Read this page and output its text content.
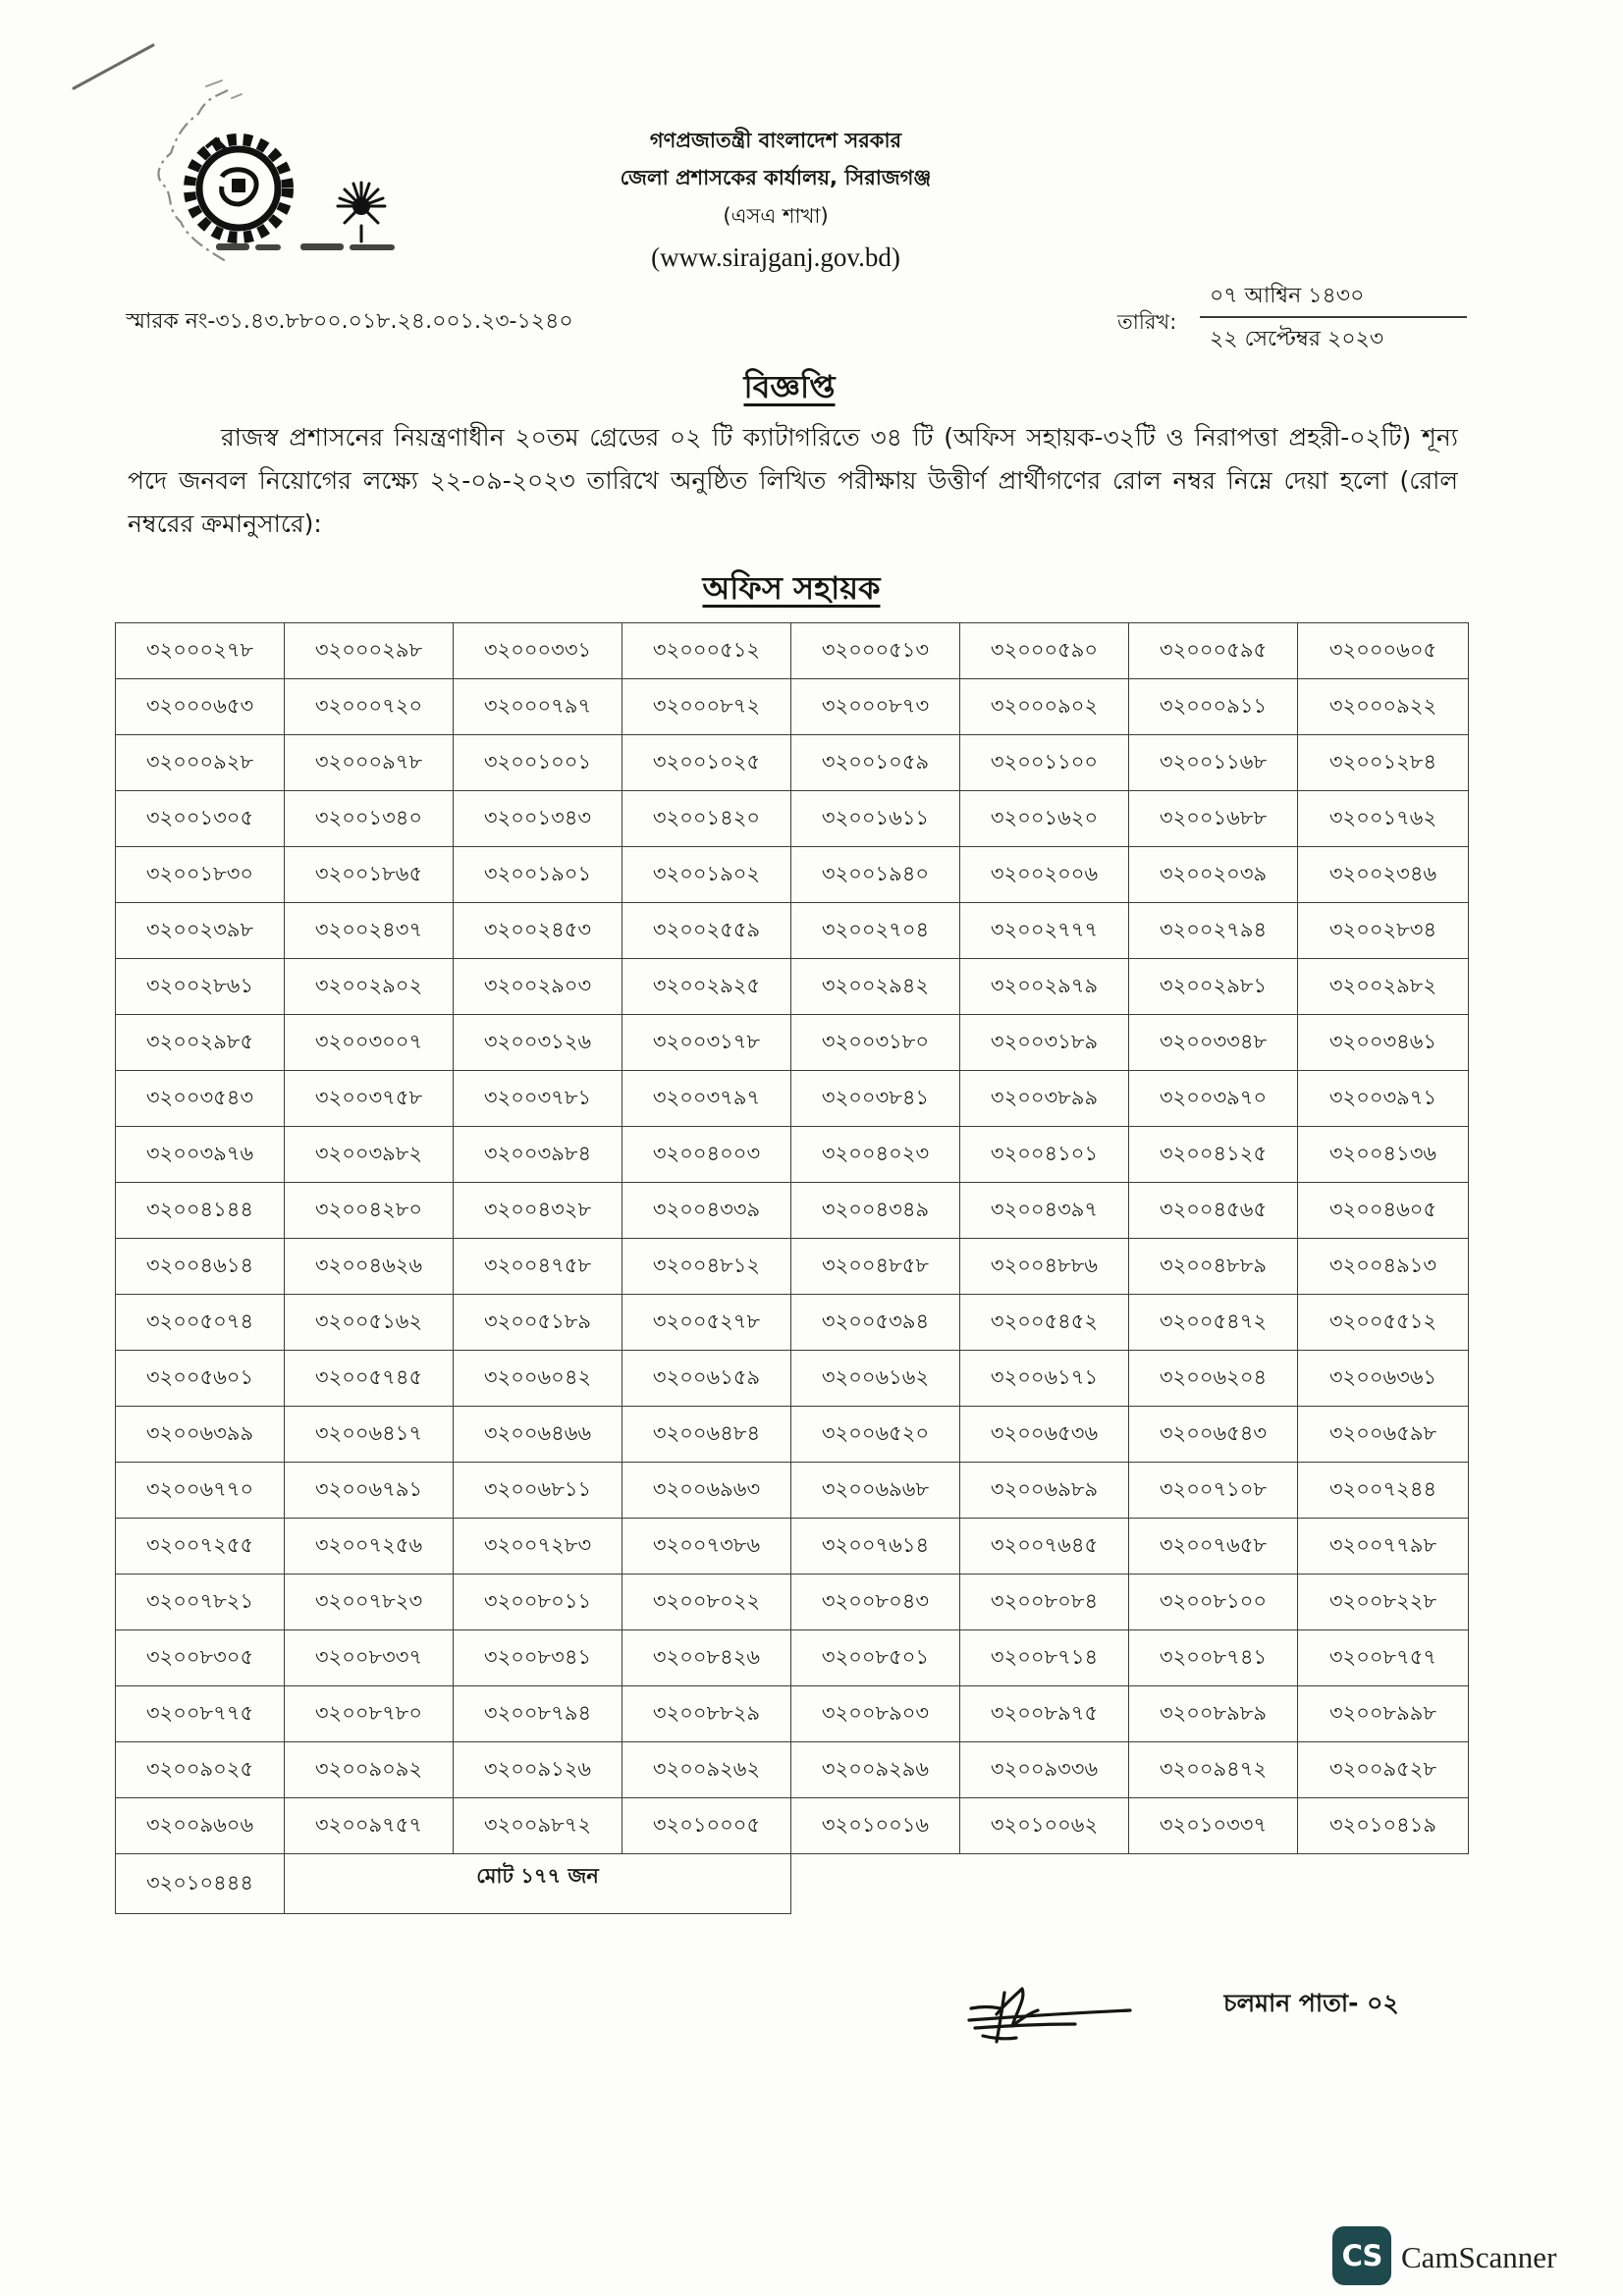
গণপ্রজাতন্ত্রী বাংলাদেশ সরকার
জেলা প্রশাসকের কার্যালয়, সিরাজগঞ্জ
(এসএ শাখা)
(www.sirajganj.gov.bd)
স্মারক নং-৩১.৪৩.৮৮০০.০১৮.২৪.০০১.২৩-১২৪০	তারিখ:
০৭ আশ্বিন ১৪৩০
২২ সেপ্টেম্বর ২০২৩
বিজ্ঞপ্তি
রাজস্ব প্রশাসনের নিয়ন্ত্রণাধীন ২০তম গ্রেডের ০২ টি ক্যাটাগরিতে ৩৪ টি (অফিস সহায়ক-৩২টি ও নিরাপত্তা প্রহরী-০২টি) শূন্য পদে জনবল নিয়োগের লক্ষ্যে ২২-০৯-২০২৩ তারিখে অনুষ্ঠিত লিখিত পরীক্ষায় উত্তীর্ণ প্রার্থীগণের রোল নম্বর নিম্নে দেয়া হলো (রোল নম্বরের ক্রমানুসারে):
অফিস সহায়ক
৩২০০০২৭৮	৩২০০০২৯৮	৩২০০০৩৩১	৩২০০০৫১২	৩২০০০৫১৩	৩২০০০৫৯০	৩২০০০৫৯৫	৩২০০০৬০৫
৩২০০০৬৫৩	৩২০০০৭২০	৩২০০০৭৯৭	৩২০০০৮৭২	৩২০০০৮৭৩	৩২০০০৯০২	৩২০০০৯১১	৩২০০০৯২২
৩২০০০৯২৮	৩২০০০৯৭৮	৩২০০১০০১	৩২০০১০২৫	৩২০০১০৫৯	৩২০০১১০০	৩২০০১১৬৮	৩২০০১২৮৪
৩২০০১৩০৫	৩২০০১৩৪০	৩২০০১৩৪৩	৩২০০১৪২০	৩২০০১৬১১	৩২০০১৬২০	৩২০০১৬৮৮	৩২০০১৭৬২
৩২০০১৮৩০	৩২০০১৮৬৫	৩২০০১৯০১	৩২০০১৯০২	৩২০০১৯৪০	৩২০০২০০৬	৩২০০২০৩৯	৩২০০২৩৪৬
৩২০০২৩৯৮	৩২০০২৪৩৭	৩২০০২৪৫৩	৩২০০২৫৫৯	৩২০০২৭০৪	৩২০০২৭৭৭	৩২০০২৭৯৪	৩২০০২৮৩৪
৩২০০২৮৬১	৩২০০২৯০২	৩২০০২৯০৩	৩২০০২৯২৫	৩২০০২৯৪২	৩২০০২৯৭৯	৩২০০২৯৮১	৩২০০২৯৮২
৩২০০২৯৮৫	৩২০০৩০০৭	৩২০০৩১২৬	৩২০০৩১৭৮	৩২০০৩১৮০	৩২০০৩১৮৯	৩২০০৩৩৪৮	৩২০০৩৪৬১
৩২০০৩৫৪৩	৩২০০৩৭৫৮	৩২০০৩৭৮১	৩২০০৩৭৯৭	৩২০০৩৮৪১	৩২০০৩৮৯৯	৩২০০৩৯৭০	৩২০০৩৯৭১
৩২০০৩৯৭৬	৩২০০৩৯৮২	৩২০০৩৯৮৪	৩২০০৪০০৩	৩২০০৪০২৩	৩২০০৪১০১	৩২০০৪১২৫	৩২০০৪১৩৬
৩২০০৪১৪৪	৩২০০৪২৮০	৩২০০৪৩২৮	৩২০০৪৩৩৯	৩২০০৪৩৪৯	৩২০০৪৩৯৭	৩২০০৪৫৬৫	৩২০০৪৬০৫
৩২০০৪৬১৪	৩২০০৪৬২৬	৩২০০৪৭৫৮	৩২০০৪৮১২	৩২০০৪৮৫৮	৩২০০৪৮৮৬	৩২০০৪৮৮৯	৩২০০৪৯১৩
৩২০০৫০৭৪	৩২০০৫১৬২	৩২০০৫১৮৯	৩২০০৫২৭৮	৩২০০৫৩৯৪	৩২০০৫৪৫২	৩২০০৫৪৭২	৩২০০৫৫১২
৩২০০৫৬০১	৩২০০৫৭৪৫	৩২০০৬০৪২	৩২০০৬১৫৯	৩২০০৬১৬২	৩২০০৬১৭১	৩২০০৬২০৪	৩২০০৬৩৬১
৩২০০৬৩৯৯	৩২০০৬৪১৭	৩২০০৬৪৬৬	৩২০০৬৪৮৪	৩২০০৬৫২০	৩২০০৬৫৩৬	৩২০০৬৫৪৩	৩২০০৬৫৯৮
৩২০০৬৭৭০	৩২০০৬৭৯১	৩২০০৬৮১১	৩২০০৬৯৬৩	৩২০০৬৯৬৮	৩২০০৬৯৮৯	৩২০০৭১০৮	৩২০০৭২৪৪
৩২০০৭২৫৫	৩২০০৭২৫৬	৩২০০৭২৮৩	৩২০০৭৩৮৬	৩২০০৭৬১৪	৩২০০৭৬৪৫	৩২০০৭৬৫৮	৩২০০৭৭৯৮
৩২০০৭৮২১	৩২০০৭৮২৩	৩২০০৮০১১	৩২০০৮০২২	৩২০০৮০৪৩	৩২০০৮০৮৪	৩২০০৮১০০	৩২০০৮২২৮
৩২০০৮৩০৫	৩২০০৮৩৩৭	৩২০০৮৩৪১	৩২০০৮৪২৬	৩২০০৮৫০১	৩২০০৮৭১৪	৩২০০৮৭৪১	৩২০০৮৭৫৭
৩২০০৮৭৭৫	৩২০০৮৭৮০	৩২০০৮৭৯৪	৩২০০৮৮২৯	৩২০০৮৯০৩	৩২০০৮৯৭৫	৩২০০৮৯৮৯	৩২০০৮৯৯৮
৩২০০৯০২৫	৩২০০৯০৯২	৩২০০৯১২৬	৩২০০৯২৬২	৩২০০৯২৯৬	৩২০০৯৩৩৬	৩২০০৯৪৭২	৩২০০৯৫২৮
৩২০০৯৬০৬	৩২০০৯৭৫৭	৩২০০৯৮৭২	৩২০১০০০৫	৩২০১০০১৬	৩২০১০০৬২	৩২০১০৩৩৭	৩২০১০৪১৯
৩২০১০৪৪৪	মোট ১৭৭ জন						
চলমান পাতা- ০২
CS CamScanner
